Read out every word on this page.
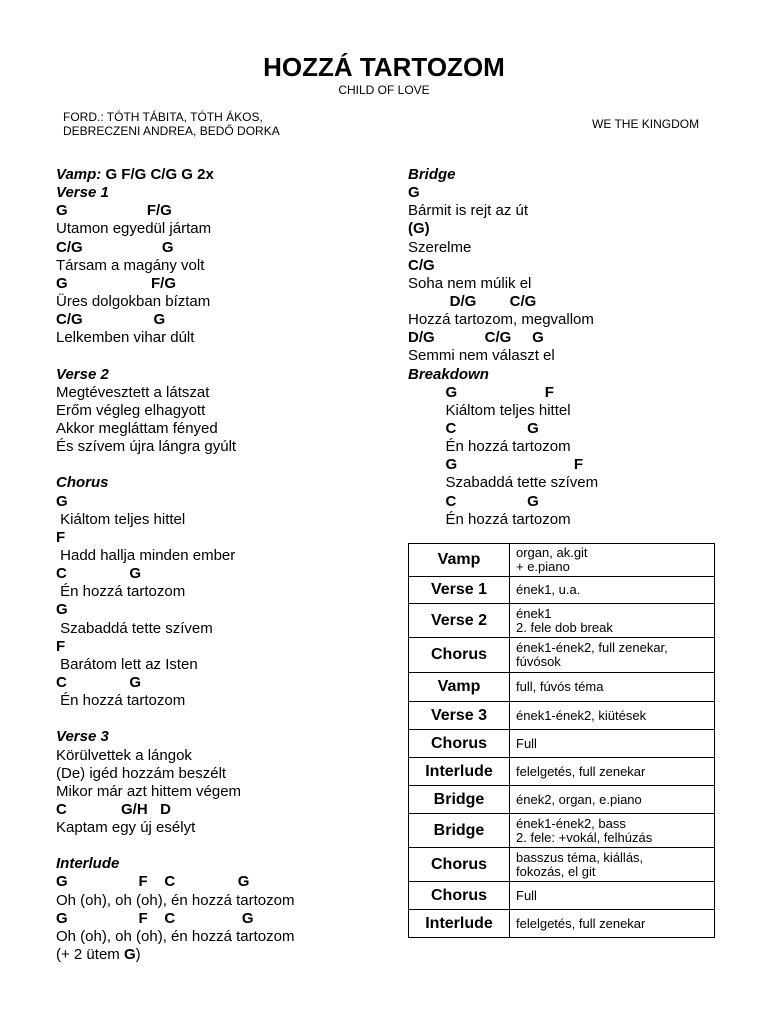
HOZZÁ TARTOZOM
CHILD OF LOVE
FORD.: TÓTH TÁBITA, TÓTH ÁKOS,
DEBRECZENI ANDREA, BEDŐ DORKA	WE THE KINGDOM
Vamp: G F/G C/G G 2x
Verse 1
G                   F/G
Utamon egyedül jártam
C/G                   G
Társam a magány volt
G                    F/G
Üres dolgokban bíztam
C/G                 G
Lelkemben vihar dúlt
Verse 2
Megtévesztett a látszat
Erőm végleg elhagyott
Akkor megláttam fényed
És szívem újra lángra gyúlt
Chorus
G
Kiáltom teljes hittel
F
Hadd hallja minden ember
C               G
Én hozzá tartozom
G
Szabaddá tette szívem
F
Barátom lett az Isten
C               G
Én hozzá tartozom
Verse 3
Körülvettek a lángok
(De) igéd hozzám beszélt
Mikor már azt hittem végem
C             G/H   D
Kaptam egy új esélyt
Interlude
G                 F    C               G
Oh (oh), oh (oh), én hozzá tartozom
G                 F    C                G
Oh (oh), oh (oh), én hozzá tartozom
(+ 2 ütem G)
Bridge
G
Bármit is rejt az út
(G)
Szerelme
C/G
Soha nem múlik el
D/G        C/G
Hozzá tartozom, megvallom
D/G            C/G     G
Semmi nem választ el
Breakdown
G                     F
Kiáltom teljes hittel
C                 G
Én hozzá tartozom
G                            F
Szabaddá tette szívem
C                 G
Én hozzá tartozom
Vamp	organ, ak.git
+ e.piano

Verse 1	ének1, u.a.

Verse 2	ének1
2. fele dob break

Chorus	ének1-ének2, full zenekar,
fúvósok

Vamp	full, fúvós téma

Verse 3	ének1-ének2, kiütések

Chorus	Full

Interlude	felelgetés, full zenekar

Bridge	ének2, organ, e.piano

Bridge	ének1-ének2, bass
2. fele: +vokál, felhúzás

Chorus	basszus téma, kiállás,
fokozás, el git

Chorus	Full

Interlude	felelgetés, full zenekar
